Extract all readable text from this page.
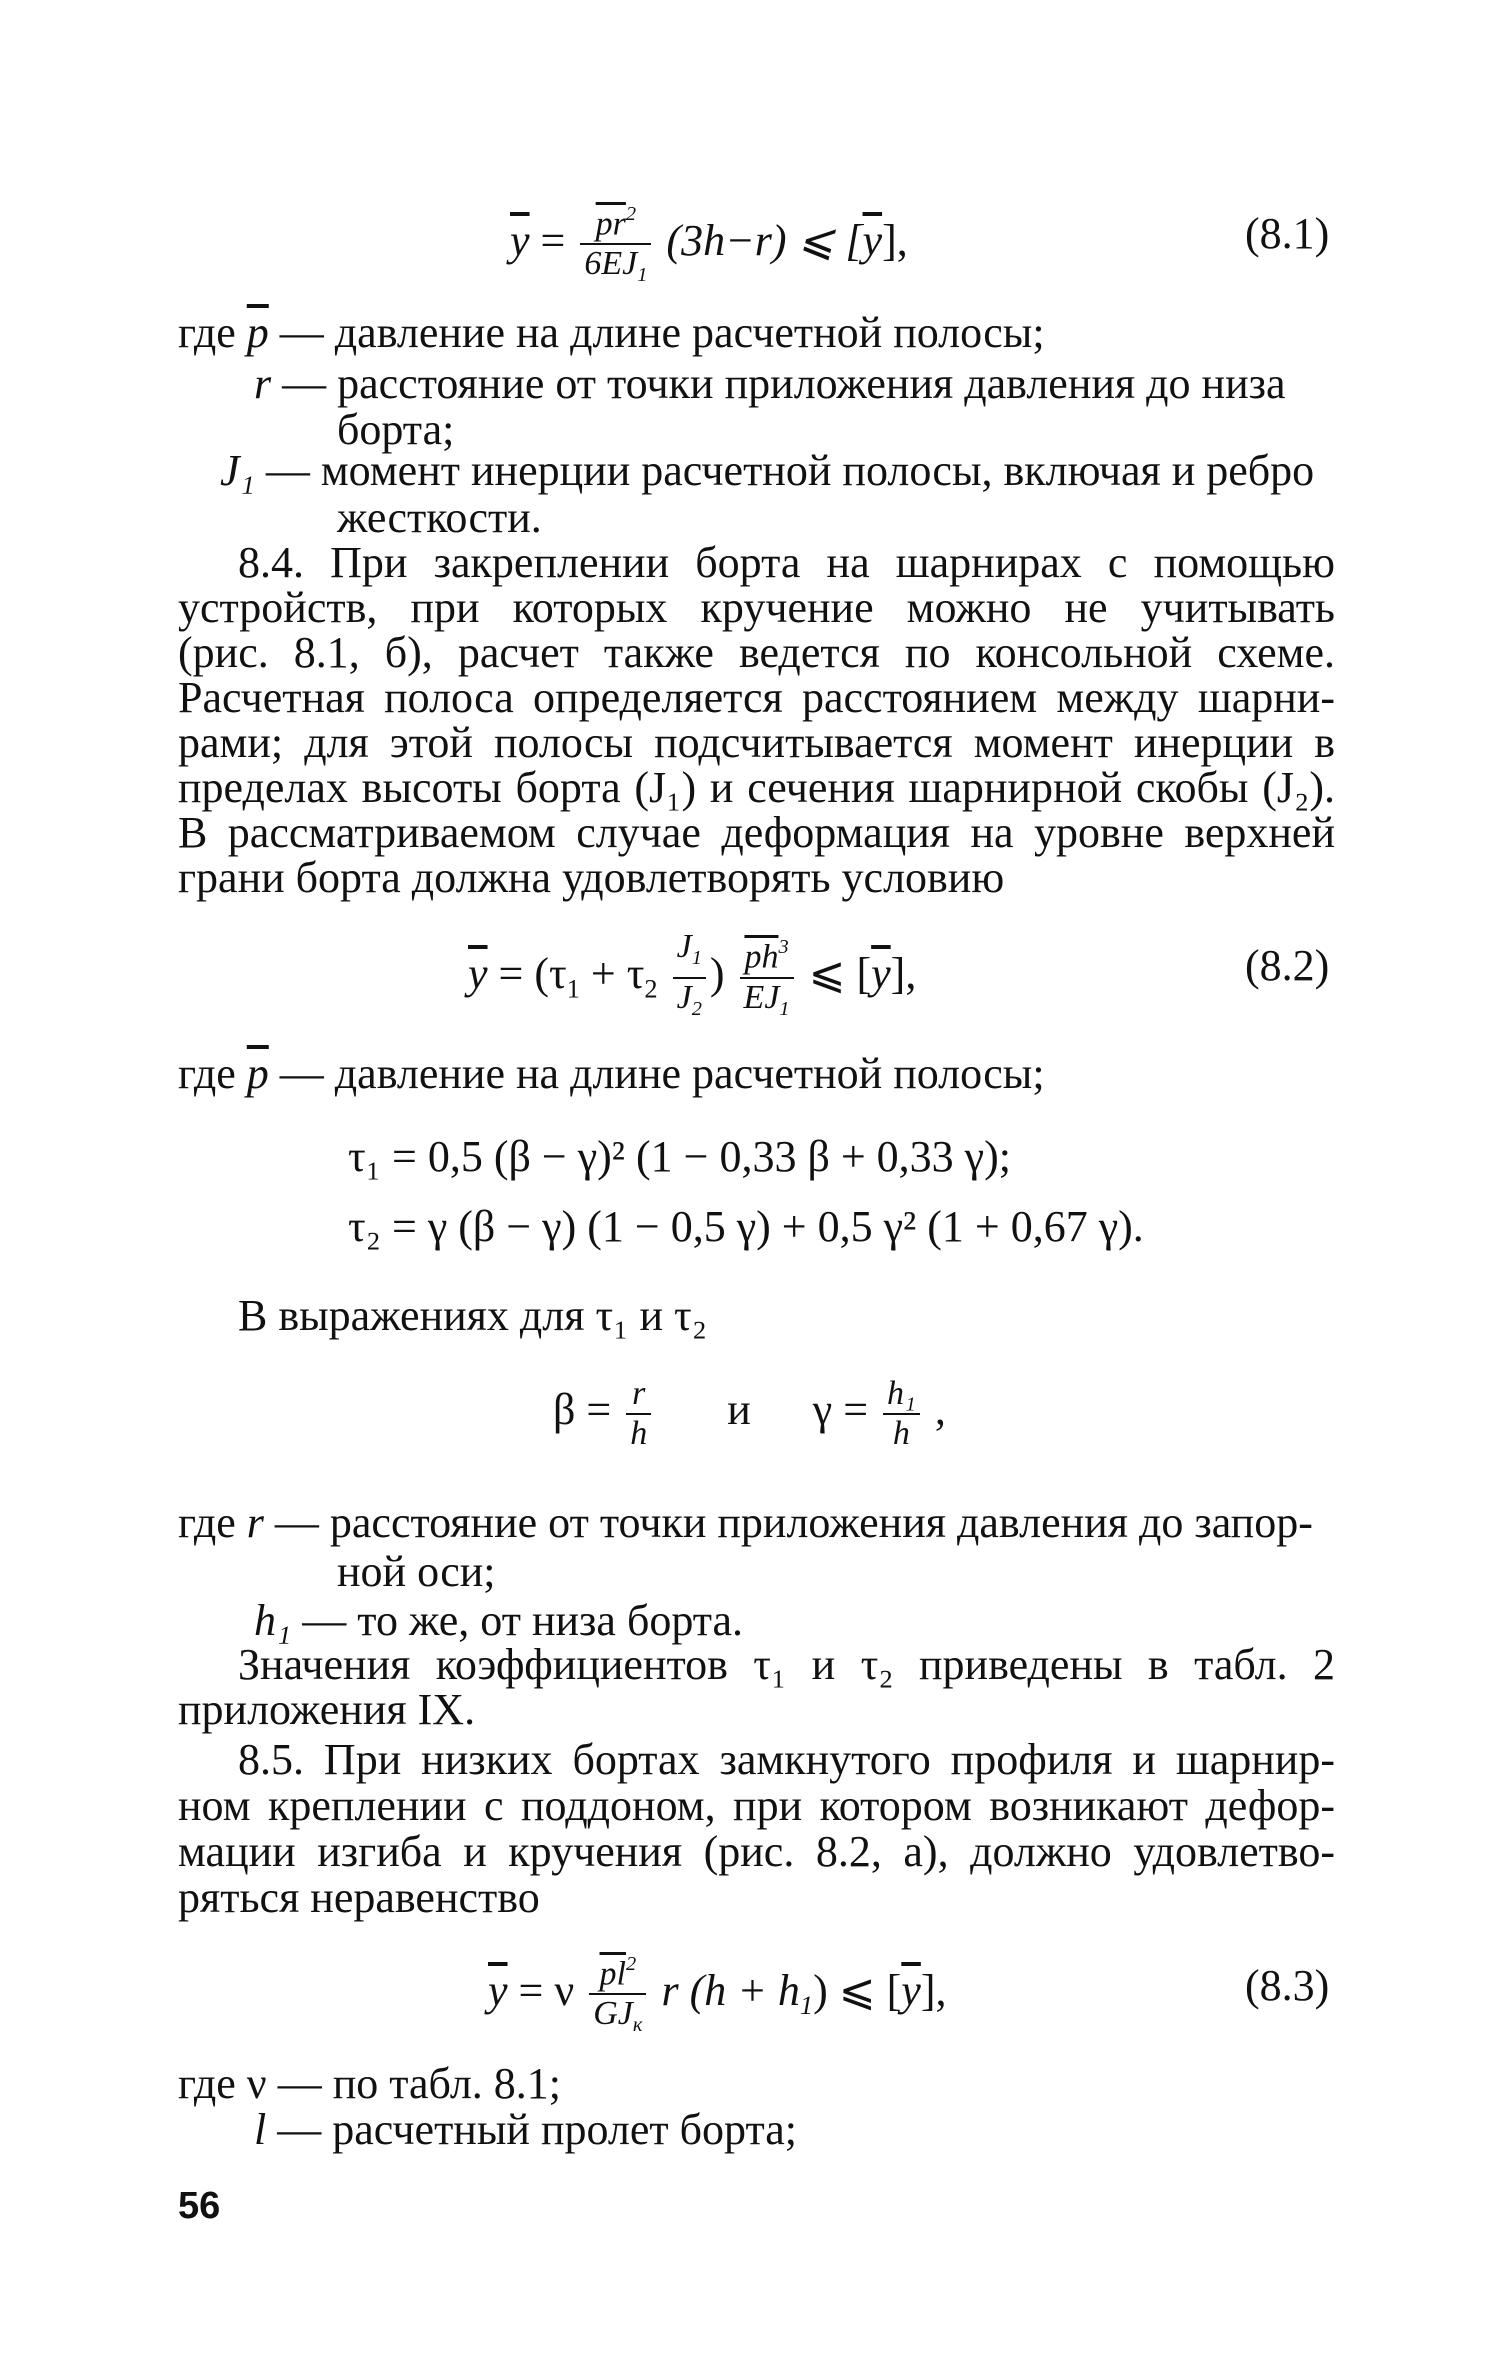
$\overline{y} = \frac{\overline{pr}^2}{6EJ_1} (3h-r)$ ⩽ $[\overline{y}]$,	(8.1)
где $\overline{p}$ — давление на длине расчетной полосы;
r — расстояние от точки приложения давления до низа
борта;
J₁ — момент инерции расчетной полосы, включая и ребро
жесткости.
8.4. При закреплении борта на шарнирах с помощью
устройств, при которых кручение можно не учитывать
(рис. 8.1, б), расчет также ведется по консольной схеме.
Расчетная полоса определяется расстоянием между шарни-
рами; для этой полосы подсчитывается момент инерции в
пределах высоты борта (J₁) и сечения шарнирной скобы (J₂).
В рассматриваемом случае деформация на уровне верхней
грани борта должна удовлетворять условию
$\overline{y} = (\tau_1 + \tau_2 \frac{J_1}{J_2}$ ) $\frac{\overline{ph}^3}{EJ_1}$ ⩽ $[\overline{y}]$,	(8.2)
где $\overline{p}$ — давление на длине расчетной полосы;
τ₁ = 0,5 (β − γ)² (1 − 0,33 β + 0,33 γ);
τ₂ = γ (β − γ) (1 − 0,5 γ) + 0,5 γ² (1 + 0,67 γ).
В выражениях для τ₁ и τ₂
$\beta = \frac{r}{h}$ и $\gamma = \frac{\text{h₁}}{h}$ ,
где r — расстояние от точки приложения давления до запор-
ной оси;
h₁ — то же, от низа борта.
Значения коэффициентов τ₁ и τ₂ приведены в табл. 2
приложения IX.
8.5. При низких бортах замкнутого профиля и шарнир-
ном креплении с поддоном, при котором возникают дефор-
мации изгиба и кручения (рис. 8.2, а), должно удовлетво-
ряться неравенство
$\overline{y} = \nu \frac{\overline{pl}^2}{GJ_к}$ r $(h + h_1)$ ⩽ $[\overline{y}]$,	(8.3)
где ν — по табл. 8.1;
l — расчетный пролет борта;
56
